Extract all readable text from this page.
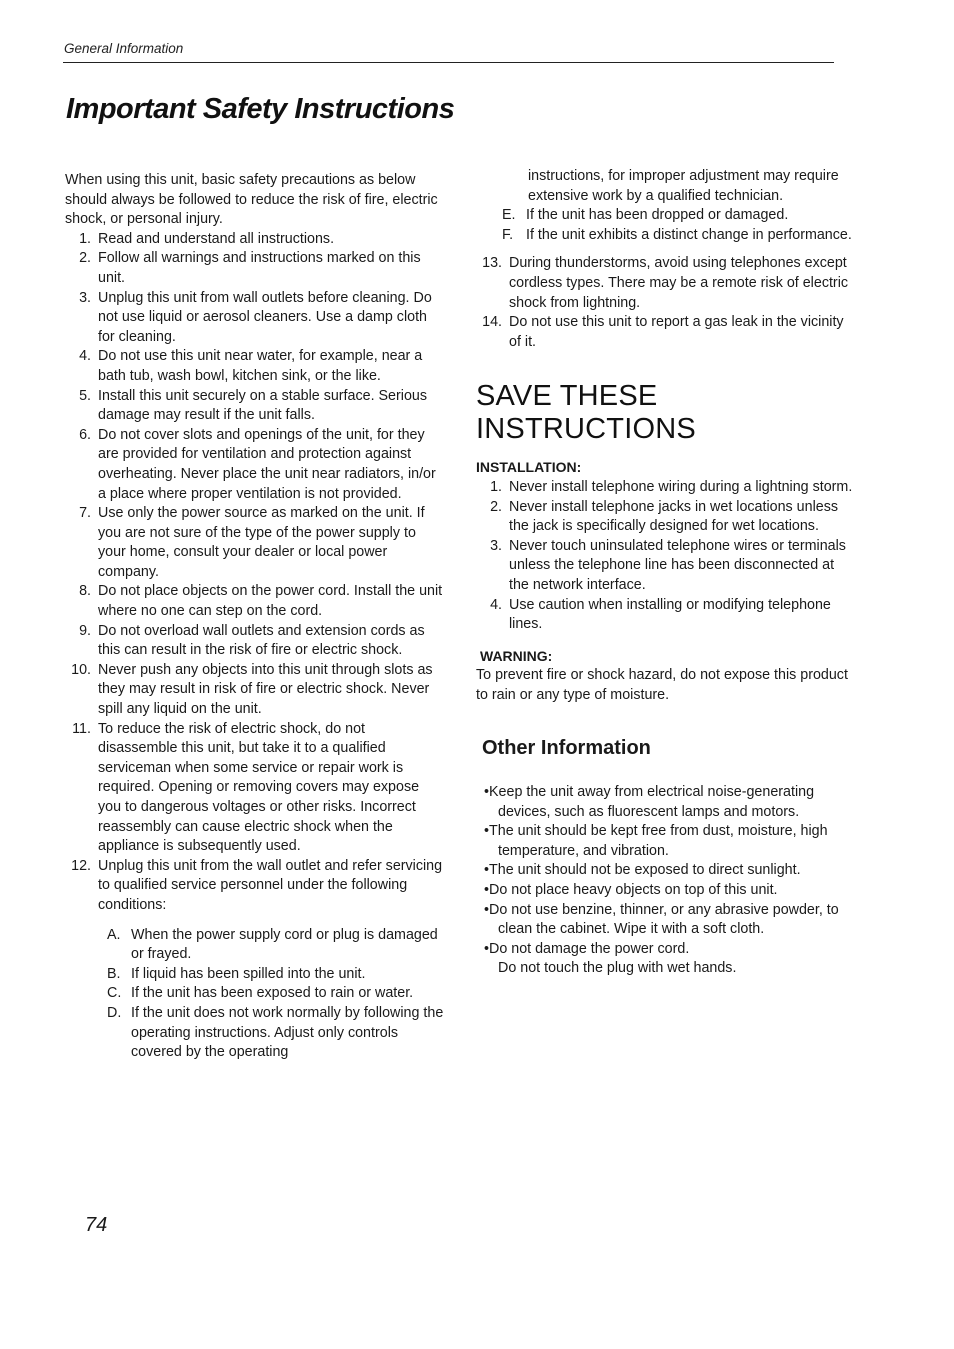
General Information
Important Safety Instructions

When using this unit, basic safety precautions as below should always be followed to reduce the risk of fire, electric shock, or personal injury.

1. Read and understand all instructions.
2. Follow all warnings and instructions marked on this unit.
3. Unplug this unit from wall outlets before cleaning. Do not use liquid or aerosol cleaners. Use a damp cloth for cleaning.
4. Do not use this unit near water, for example, near a bath tub, wash bowl, kitchen sink, or the like.
5. Install this unit securely on a stable surface. Serious damage may result if the unit falls.
6. Do not cover slots and openings of the unit, for they are provided for ventilation and protection against overheating. Never place the unit near radiators, in/or a place where proper ventilation is not provided.
7. Use only the power source as marked on the unit. If you are not sure of the type of the power supply to your home, consult your dealer or local power company.
8. Do not place objects on the power cord. Install the unit where no one can step on the cord.
9. Do not overload wall outlets and extension cords as this can result in the risk of fire or electric shock.
10. Never push any objects into this unit through slots as they may result in risk of fire or electric shock. Never spill any liquid on the unit.
11. To reduce the risk of electric shock, do not disassemble this unit, but take it to a qualified serviceman when some service or repair work is required. Opening or removing covers may expose you to dangerous voltages or other risks. Incorrect reassembly can cause electric shock when the appliance is subsequently used.
12. Unplug this unit from the wall outlet and refer servicing to qualified service personnel under the following conditions:
A. When the power supply cord or plug is damaged or frayed.
B. If liquid has been spilled into the unit.
C. If the unit has been exposed to rain or water.
D. If the unit does not work normally by following the operating instructions. Adjust only controls covered by the operating

instructions, for improper adjustment may require extensive work by a qualified technician.

E. If the unit has been dropped or damaged.
F. If the unit exhibits a distinct change in performance.
13. During thunderstorms, avoid using telephones except cordless types. There may be a remote risk of electric shock from lightning.
14. Do not use this unit to report a gas leak in the vicinity of it.
SAVE THESE INSTRUCTIONS
INSTALLATION:
1. Never install telephone wiring during a lightning storm.
2. Never install telephone jacks in wet locations unless the jack is specifically designed for wet locations.
3. Never touch uninsulated telephone wires or terminals unless the telephone line has been disconnected at the network interface.
4. Use caution when installing or modifying telephone lines.
WARNING:

To prevent fire or shock hazard, do not expose this product to rain or any type of moisture.

Other Information
•Keep the unit away from electrical noise-generating devices, such as fluorescent lamps and motors.
•The unit should be kept free from dust, moisture, high temperature, and vibration.
•The unit should not be exposed to direct sunlight.
•Do not place heavy objects on top of this unit.
•Do not use benzine, thinner, or any abrasive powder, to clean the cabinet. Wipe it with a soft cloth.
•Do not damage the power cord.

Do not touch the plug with wet hands.

74
